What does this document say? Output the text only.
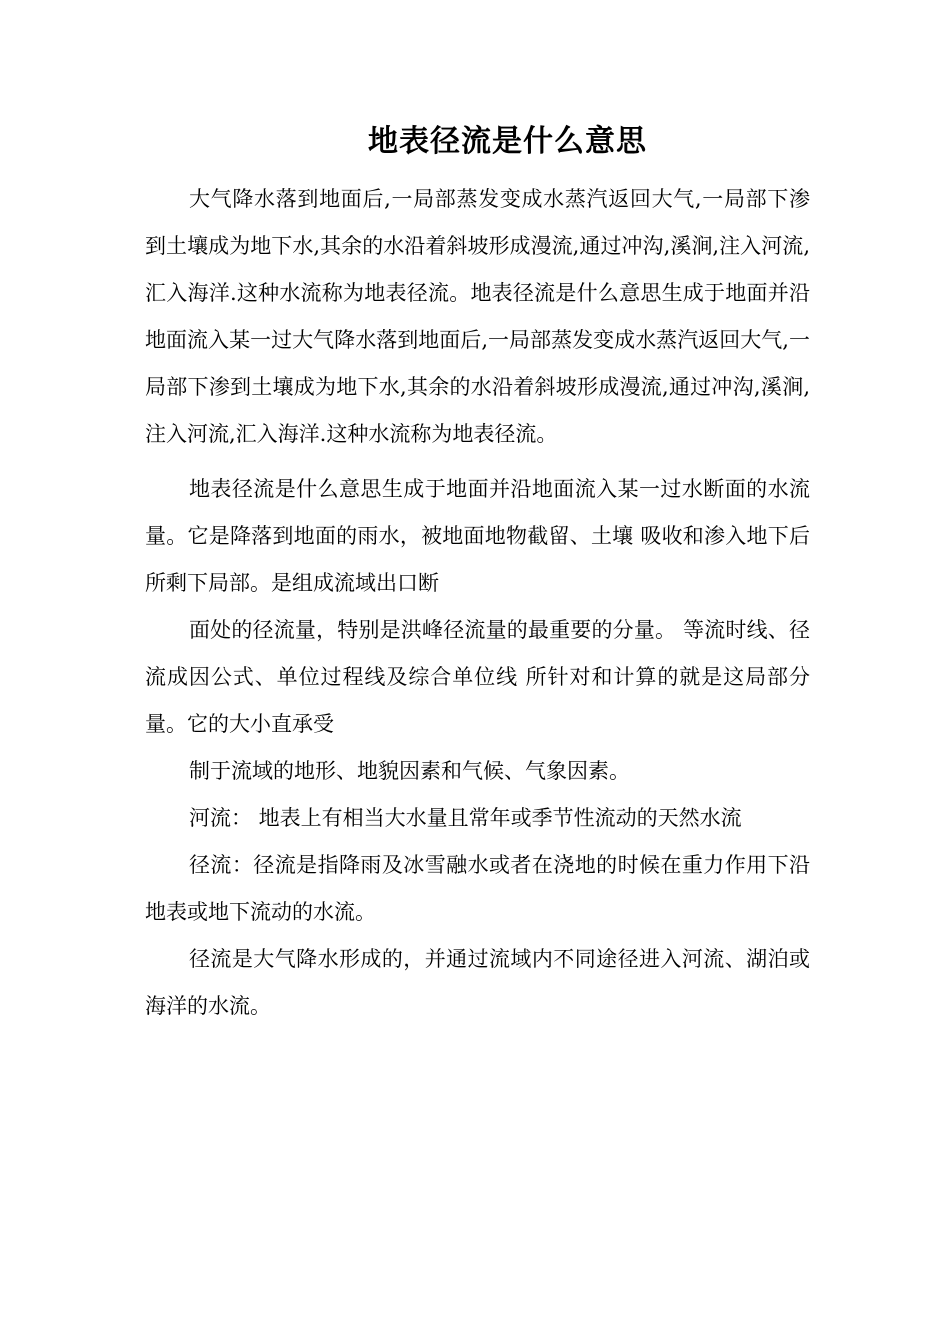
地表径流是什么意思

大气降水落到地面后,一局部蒸发变成水蒸汽返回大气,一局部下渗到土壤成为地下水,其余的水沿着斜坡形成漫流,通过冲沟,溪涧,注入河流,汇入海洋.这种水流称为地表径流。地表径流是什么意思生成于地面并沿地面流入某一过大气降水落到地面后,一局部蒸发变成水蒸汽返回大气,一局部下渗到土壤成为地下水,其余的水沿着斜坡形成漫流,通过冲沟,溪涧,注入河流,汇入海洋.这种水流称为地表径流。

地表径流是什么意思生成于地面并沿地面流入某一过水断面的水流量。它是降落到地面的雨水，被地面地物截留、土壤 吸收和渗入地下后所剩下局部。是组成流域出口断

面处的径流量，特别是洪峰径流量的最重要的分量。 等流时线、径流成因公式、单位过程线及综合单位线 所针对和计算的就是这局部分量。它的大小直承受

制于流域的地形、地貌因素和气候、气象因素。

河流： 地表上有相当大水量且常年或季节性流动的天然水流

径流：径流是指降雨及冰雪融水或者在浇地的时候在重力作用下沿地表或地下流动的水流。

径流是大气降水形成的，并通过流域内不同途径进入河流、湖泊或海洋的水流。
